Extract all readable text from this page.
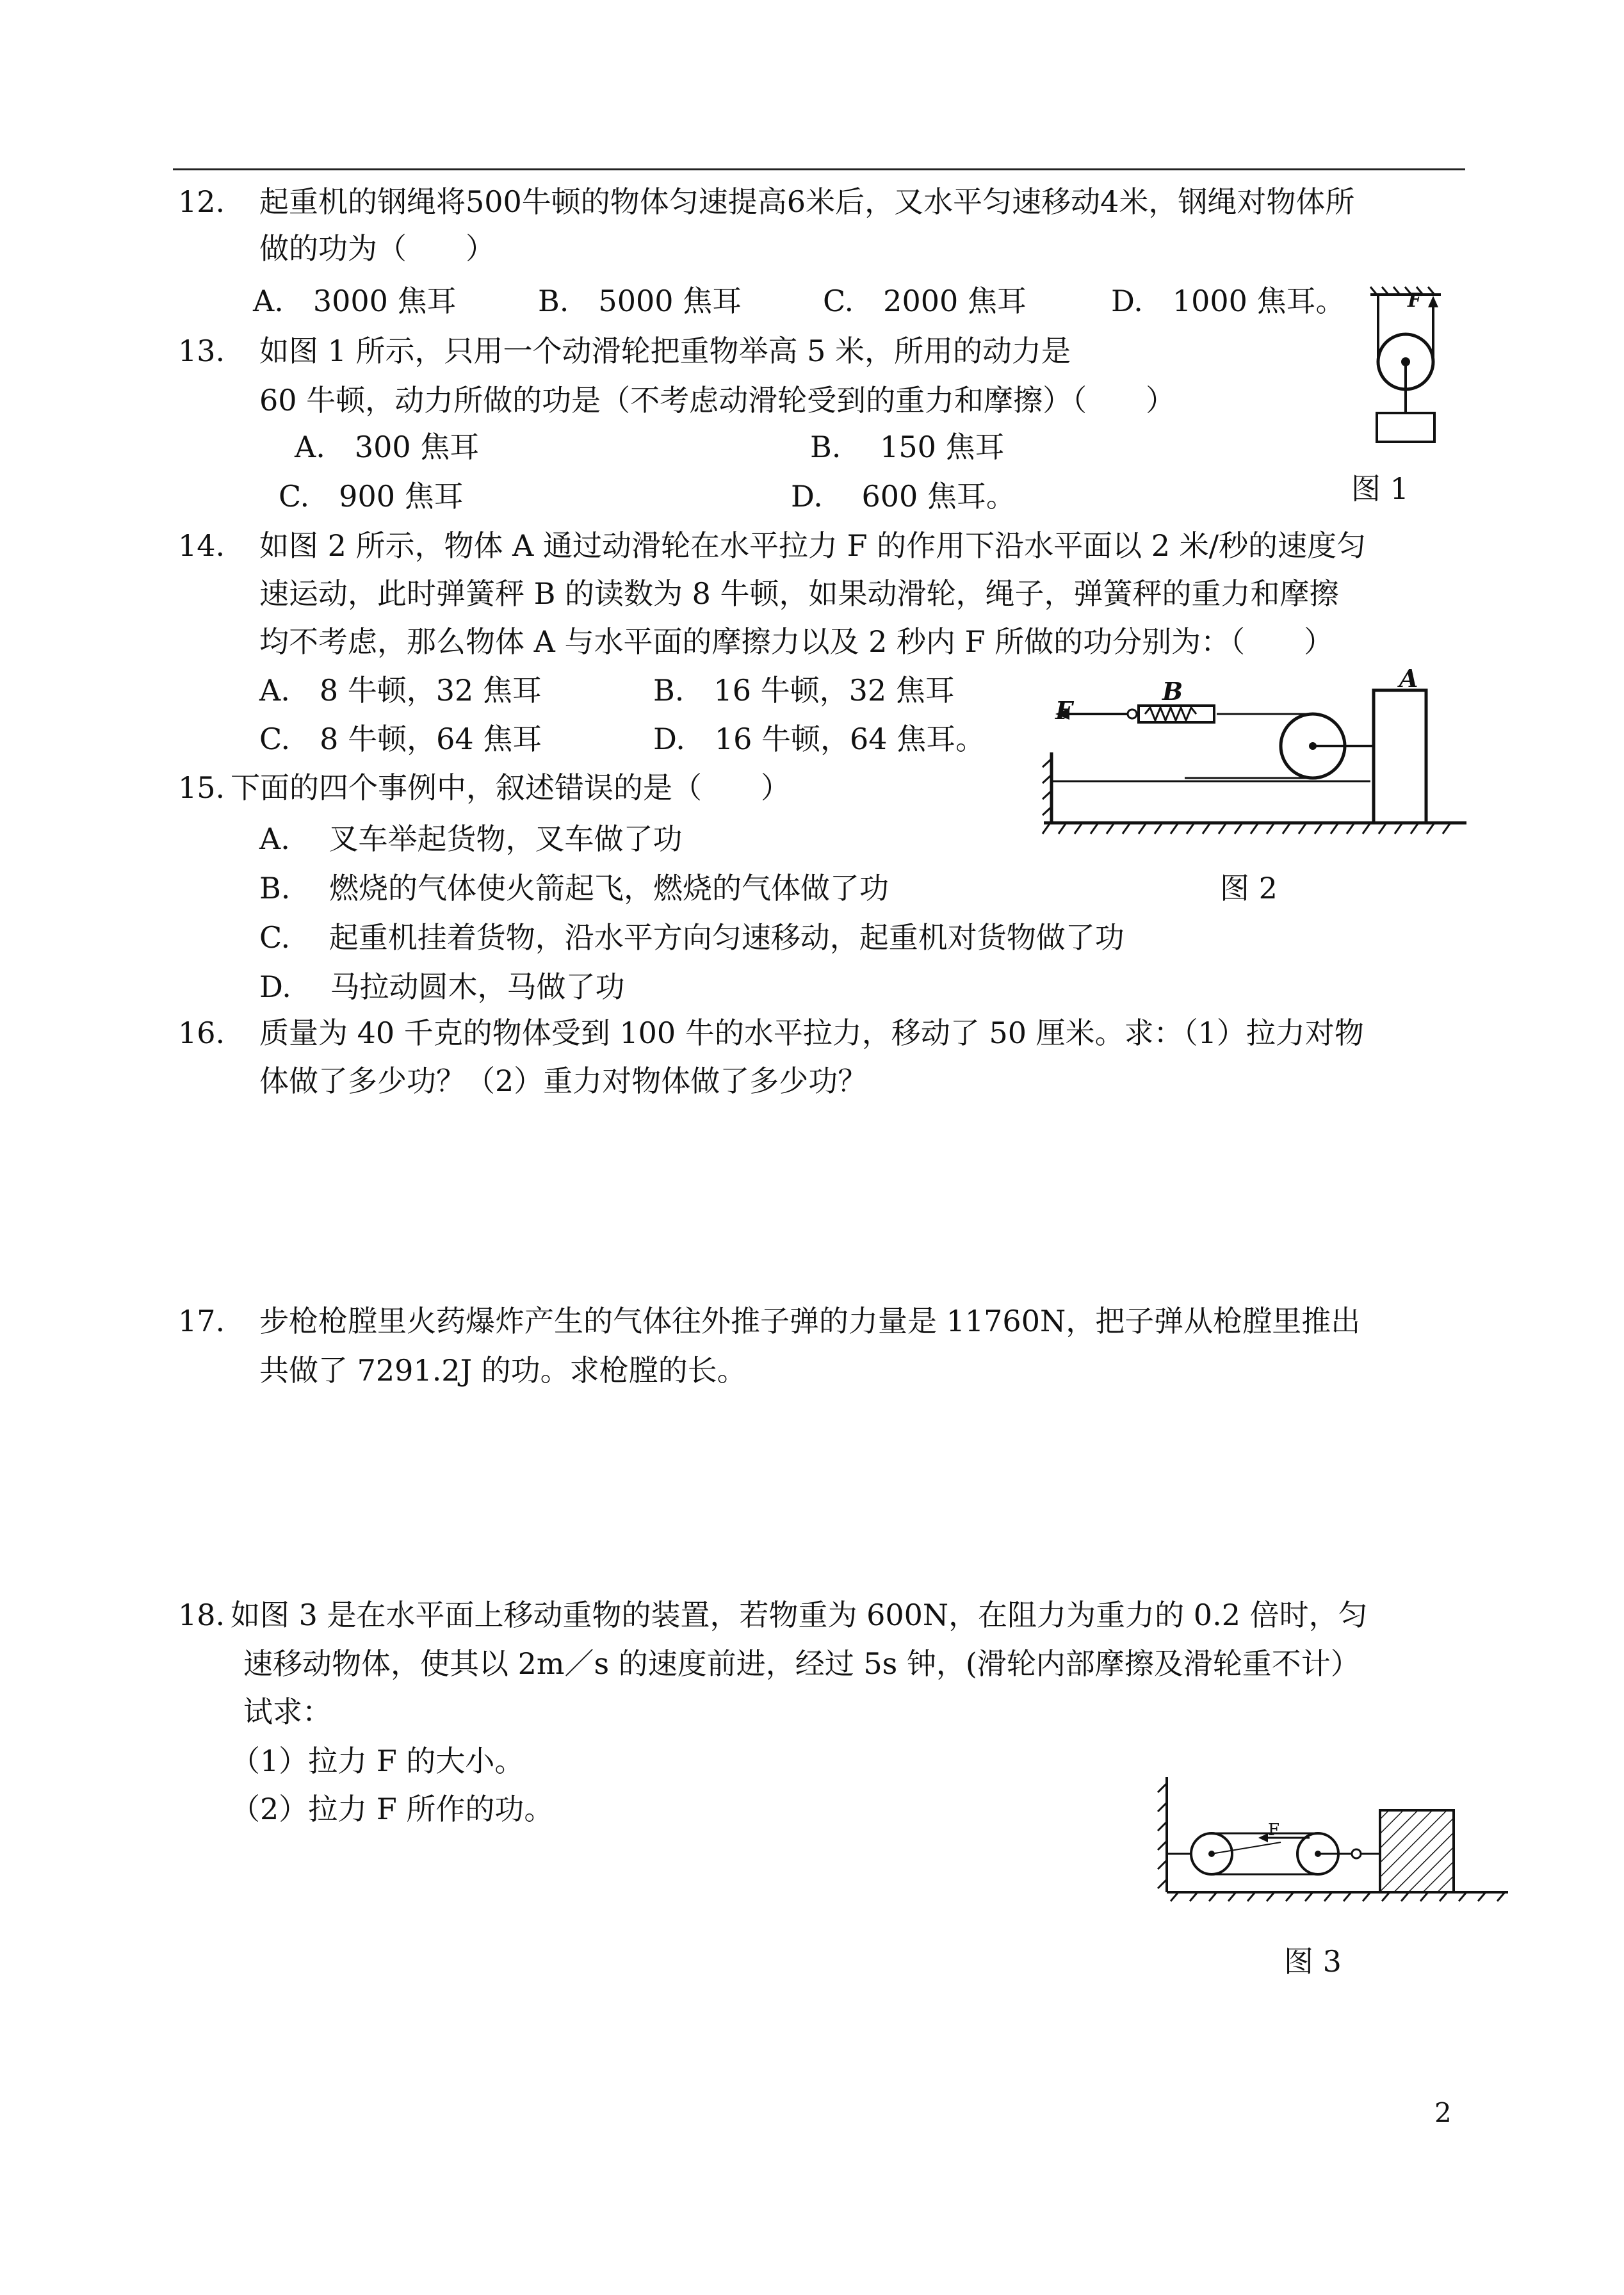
12. 起重机的钢绳将500牛顿的物体匀速提高6米后，又水平匀速移动4米，钢绳对物体所
做的功为（　　）
A.　3000 焦耳	B.　5000 焦耳	C.　2000 焦耳	D.　1000 焦耳。
13. 如图 1 所示，只用一个动滑轮把重物举高 5 米，所用的动力是
60 牛顿，动力所做的功是（不考虑动滑轮受到的重力和摩擦）（　　）
A.　300 焦耳	B.　 150 焦耳
C.　900 焦耳	D.　 600 焦耳。
F
图 1
14. 如图 2 所示，物体 A 通过动滑轮在水平拉力 F 的作用下沿水平面以 2 米/秒的速度匀
速运动，此时弹簧秤 B 的读数为 8 牛顿，如果动滑轮，绳子，弹簧秤的重力和摩擦
均不考虑，那么物体 A 与水平面的摩擦力以及 2 秒内 F 所做的功分别为：（　　）
A.　8 牛顿，32 焦耳	B.　16 牛顿，32 焦耳
C.　8 牛顿，64 焦耳	D.　16 牛顿，64 焦耳。
F
B	A
图 2
15. 下面的四个事例中，叙述错误的是（　　）
A.　 叉车举起货物，叉车做了功
B.　 燃烧的气体使火箭起飞，燃烧的气体做了功
C.　 起重机挂着货物，沿水平方向匀速移动，起重机对货物做了功
D.　 马拉动圆木，马做了功
16. 质量为 40 千克的物体受到 100 牛的水平拉力，移动了 50 厘米。求：（1）拉力对物
体做了多少功？（2）重力对物体做了多少功？
17. 步枪枪膛里火药爆炸产生的气体往外推子弹的力量是 11760N，把子弹从枪膛里推出
共做了 7291.2J 的功。求枪膛的长。
18. 如图 3 是在水平面上移动重物的装置，若物重为 600N，在阻力为重力的 0.2 倍时，匀
速移动物体，使其以 2m／s 的速度前进，经过 5s 钟，(滑轮内部摩擦及滑轮重不计）
试求：
（1）拉力 F 的大小。
（2）拉力 F 所作的功。
F
图 3
2
